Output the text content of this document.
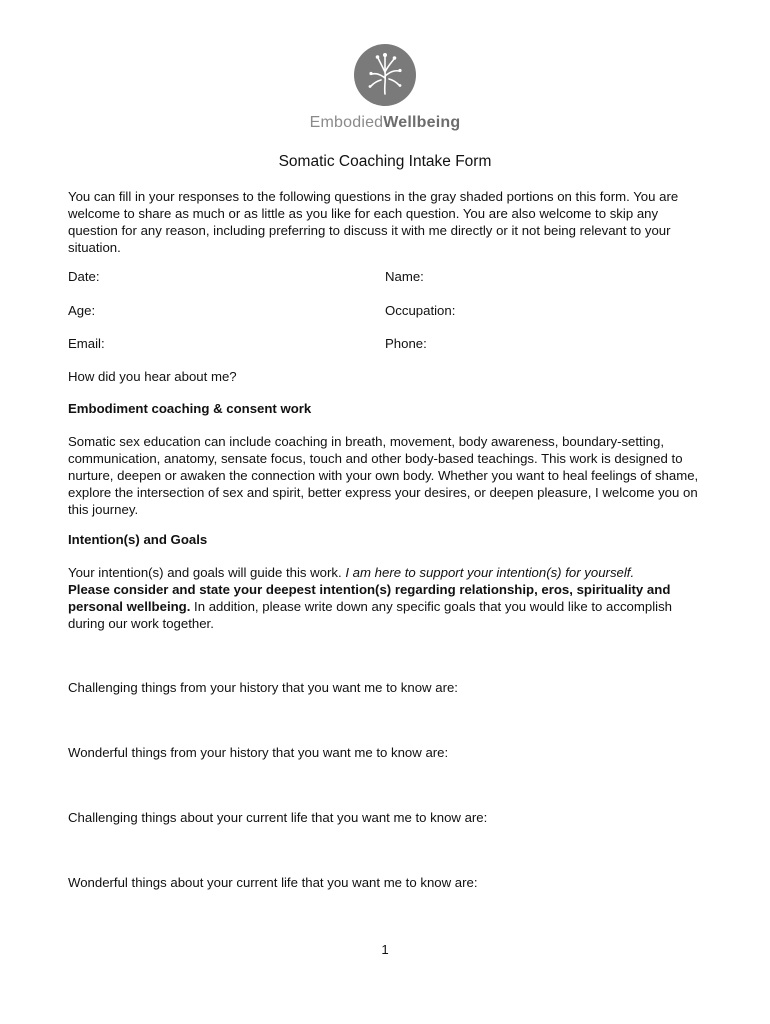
EmbodiedWellbeing
Somatic Coaching Intake Form
You can fill in your responses to the following questions in the gray shaded portions on this form. You are welcome to share as much or as little as you like for each question. You are also welcome to skip any question for any reason, including preferring to discuss it with me directly or it not being relevant to your situation.
Date:	Name:
Age:	Occupation:
Email:	Phone:
How did you hear about me?
Embodiment coaching & consent work
Somatic sex education can include coaching in breath, movement, body awareness, boundary-setting, communication, anatomy, sensate focus, touch and other body-based teachings. This work is designed to nurture, deepen or awaken the connection with your own body. Whether you want to heal feelings of shame, explore the intersection of sex and spirit, better express your desires, or deepen pleasure, I welcome you on this journey.
Intention(s) and Goals
Your intention(s) and goals will guide this work. I am here to support your intention(s) for yourself.
Please consider and state your deepest intention(s) regarding relationship, eros, spirituality and personal wellbeing. In addition, please write down any specific goals that you would like to accomplish during our work together.
Challenging things from your history that you want me to know are:
Wonderful things from your history that you want me to know are:
Challenging things about your current life that you want me to know are:
Wonderful things about your current life that you want me to know are:
1
